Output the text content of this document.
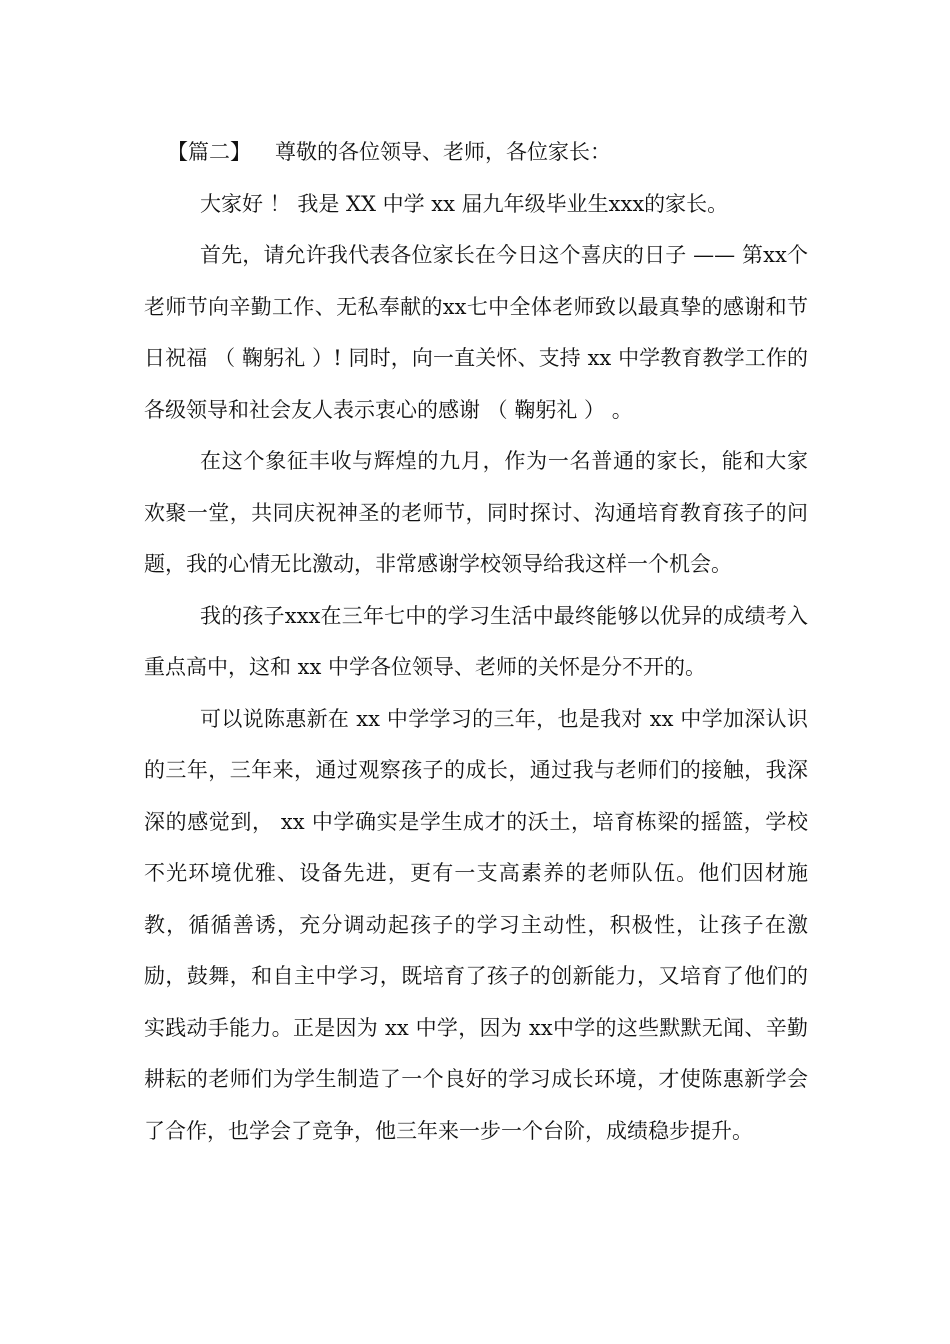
【篇二】 尊敬的各位领导、老师，各位家长：

大家好 ！ 我是 XX 中学 xx 届九年级毕业生xxx的家长。

首先，请允许我代表各位家长在今日这个喜庆的日子 —— 第xx个老师节向辛勤工作、无私奉献的xx七中全体老师致以最真挚的感谢和节日祝福 （ 鞠躬礼 ）! 同时，向一直关怀、支持 xx 中学教育教学工作的各级领导和社会友人表示衷心的感谢 （ 鞠躬礼 ） 。

在这个象征丰收与辉煌的九月，作为一名普通的家长，能和大家欢聚一堂，共同庆祝神圣的老师节，同时探讨、沟通培育教育孩子的问题，我的心情无比激动，非常感谢学校领导给我这样一个机会。

我的孩子xxx在三年七中的学习生活中最终能够以优异的成绩考入重点高中，这和 xx 中学各位领导、老师的关怀是分不开的。

可以说陈惠新在 xx 中学学习的三年，也是我对 xx 中学加深认识的三年，三年来，通过观察孩子的成长，通过我与老师们的接触，我深深的感觉到， xx 中学确实是学生成才的沃土，培育栋梁的摇篮，学校不光环境优雅、设备先进，更有一支高素养的老师队伍。他们因材施教，循循善诱，充分调动起孩子的学习主动性，积极性，让孩子在激励，鼓舞，和自主中学习，既培育了孩子的创新能力，又培育了他们的实践动手能力。正是因为 xx 中学，因为 xx中学的这些默默无闻、辛勤耕耘的老师们为学生制造了一个良好的学习成长环境，才使陈惠新学会了合作，也学会了竞争，他三年来一步一个台阶，成绩稳步提升。
